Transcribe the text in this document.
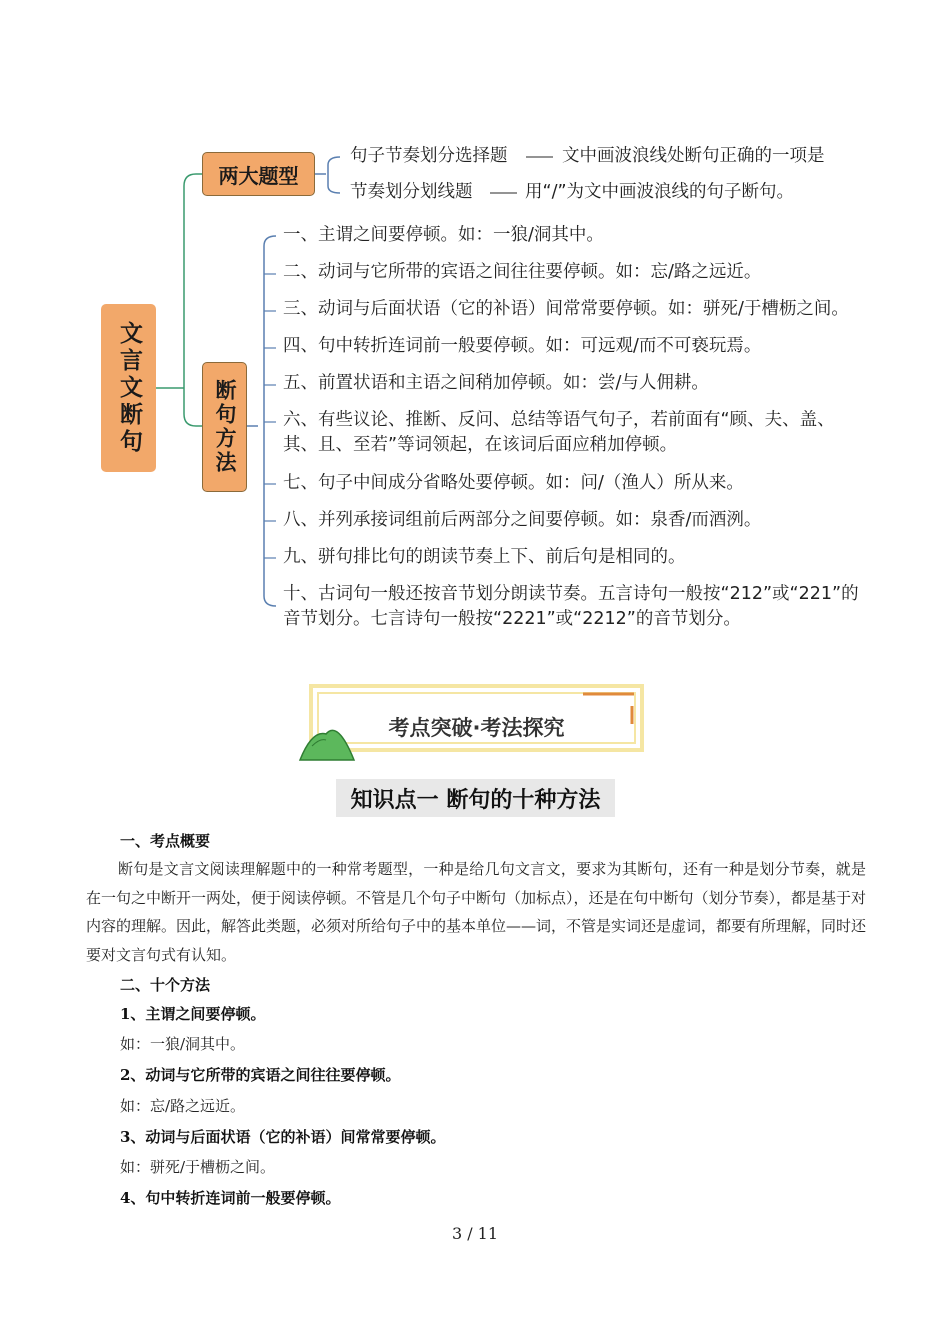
文言文断句
两大题型
断句方法
句子节奏划分选择题	文中画波浪线处断句正确的一项是
节奏划分划线题	用“/”为文中画波浪线的句子断句。
一、主谓之间要停顿。如：一狼/洞其中。
二、动词与它所带的宾语之间往往要停顿。如：忘/路之远近。
三、动词与后面状语（它的补语）间常常要停顿。如：骈死/于槽枥之间。
四、句中转折连词前一般要停顿。如：可远观/而不可亵玩焉。
五、前置状语和主语之间稍加停顿。如：尝/与人佣耕。
六、有些议论、推断、反问、总结等语气句子，若前面有“顾、夫、盖、其、且、至若”等词领起，在该词后面应稍加停顿。
七、句子中间成分省略处要停顿。如：问/（渔人）所从来。
八、并列承接词组前后两部分之间要停顿。如：泉香/而酒洌。
九、骈句排比句的朗读节奏上下、前后句是相同的。
十、古词句一般还按音节划分朗读节奏。五言诗句一般按“212”或“221”的音节划分。七言诗句一般按“2221”或“2212”的音节划分。
考点突破·考法探究
知识点一 断句的十种方法
一、考点概要
断句是文言文阅读理解题中的一种常考题型，一种是给几句文言文，要求为其断句，还有一种是划分节奏，就是在一句之中断开一两处，便于阅读停顿。不管是几个句子中断句（加标点），还是在句中断句（划分节奏），都是基于对内容的理解。因此，解答此类题，必须对所给句子中的基本单位——词，不管是实词还是虚词，都要有所理解，同时还要对文言句式有认知。
二、十个方法
1、主谓之间要停顿。
如：一狼/洞其中。
2、动词与它所带的宾语之间往往要停顿。
如：忘/路之远近。
3、动词与后面状语（它的补语）间常常要停顿。
如：骈死/于槽枥之间。
4、句中转折连词前一般要停顿。
3 / 11
